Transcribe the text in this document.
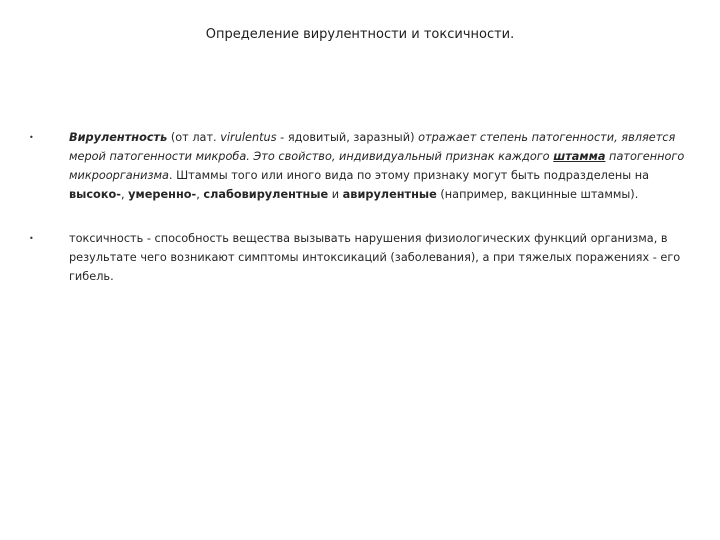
Определение вирулентности и токсичности.
•	Вирулентность (от лат. virulentus - ядовитый, заразный) отражает степень патогенности, является мерой патогенности микроба. Это свойство, индивидуальный признак каждого штамма патогенного микроорганизма. Штаммы того или иного вида по этому признаку могут быть подразделены на высоко-, умеренно-, слабовирулентные и авирулентные (например, вакцинные штаммы).
•	токсичность - способность вещества вызывать нарушения физиологических функций организма, в результате чего возникают симптомы интоксикаций (заболевания), а при тяжелых поражениях - его гибель.
